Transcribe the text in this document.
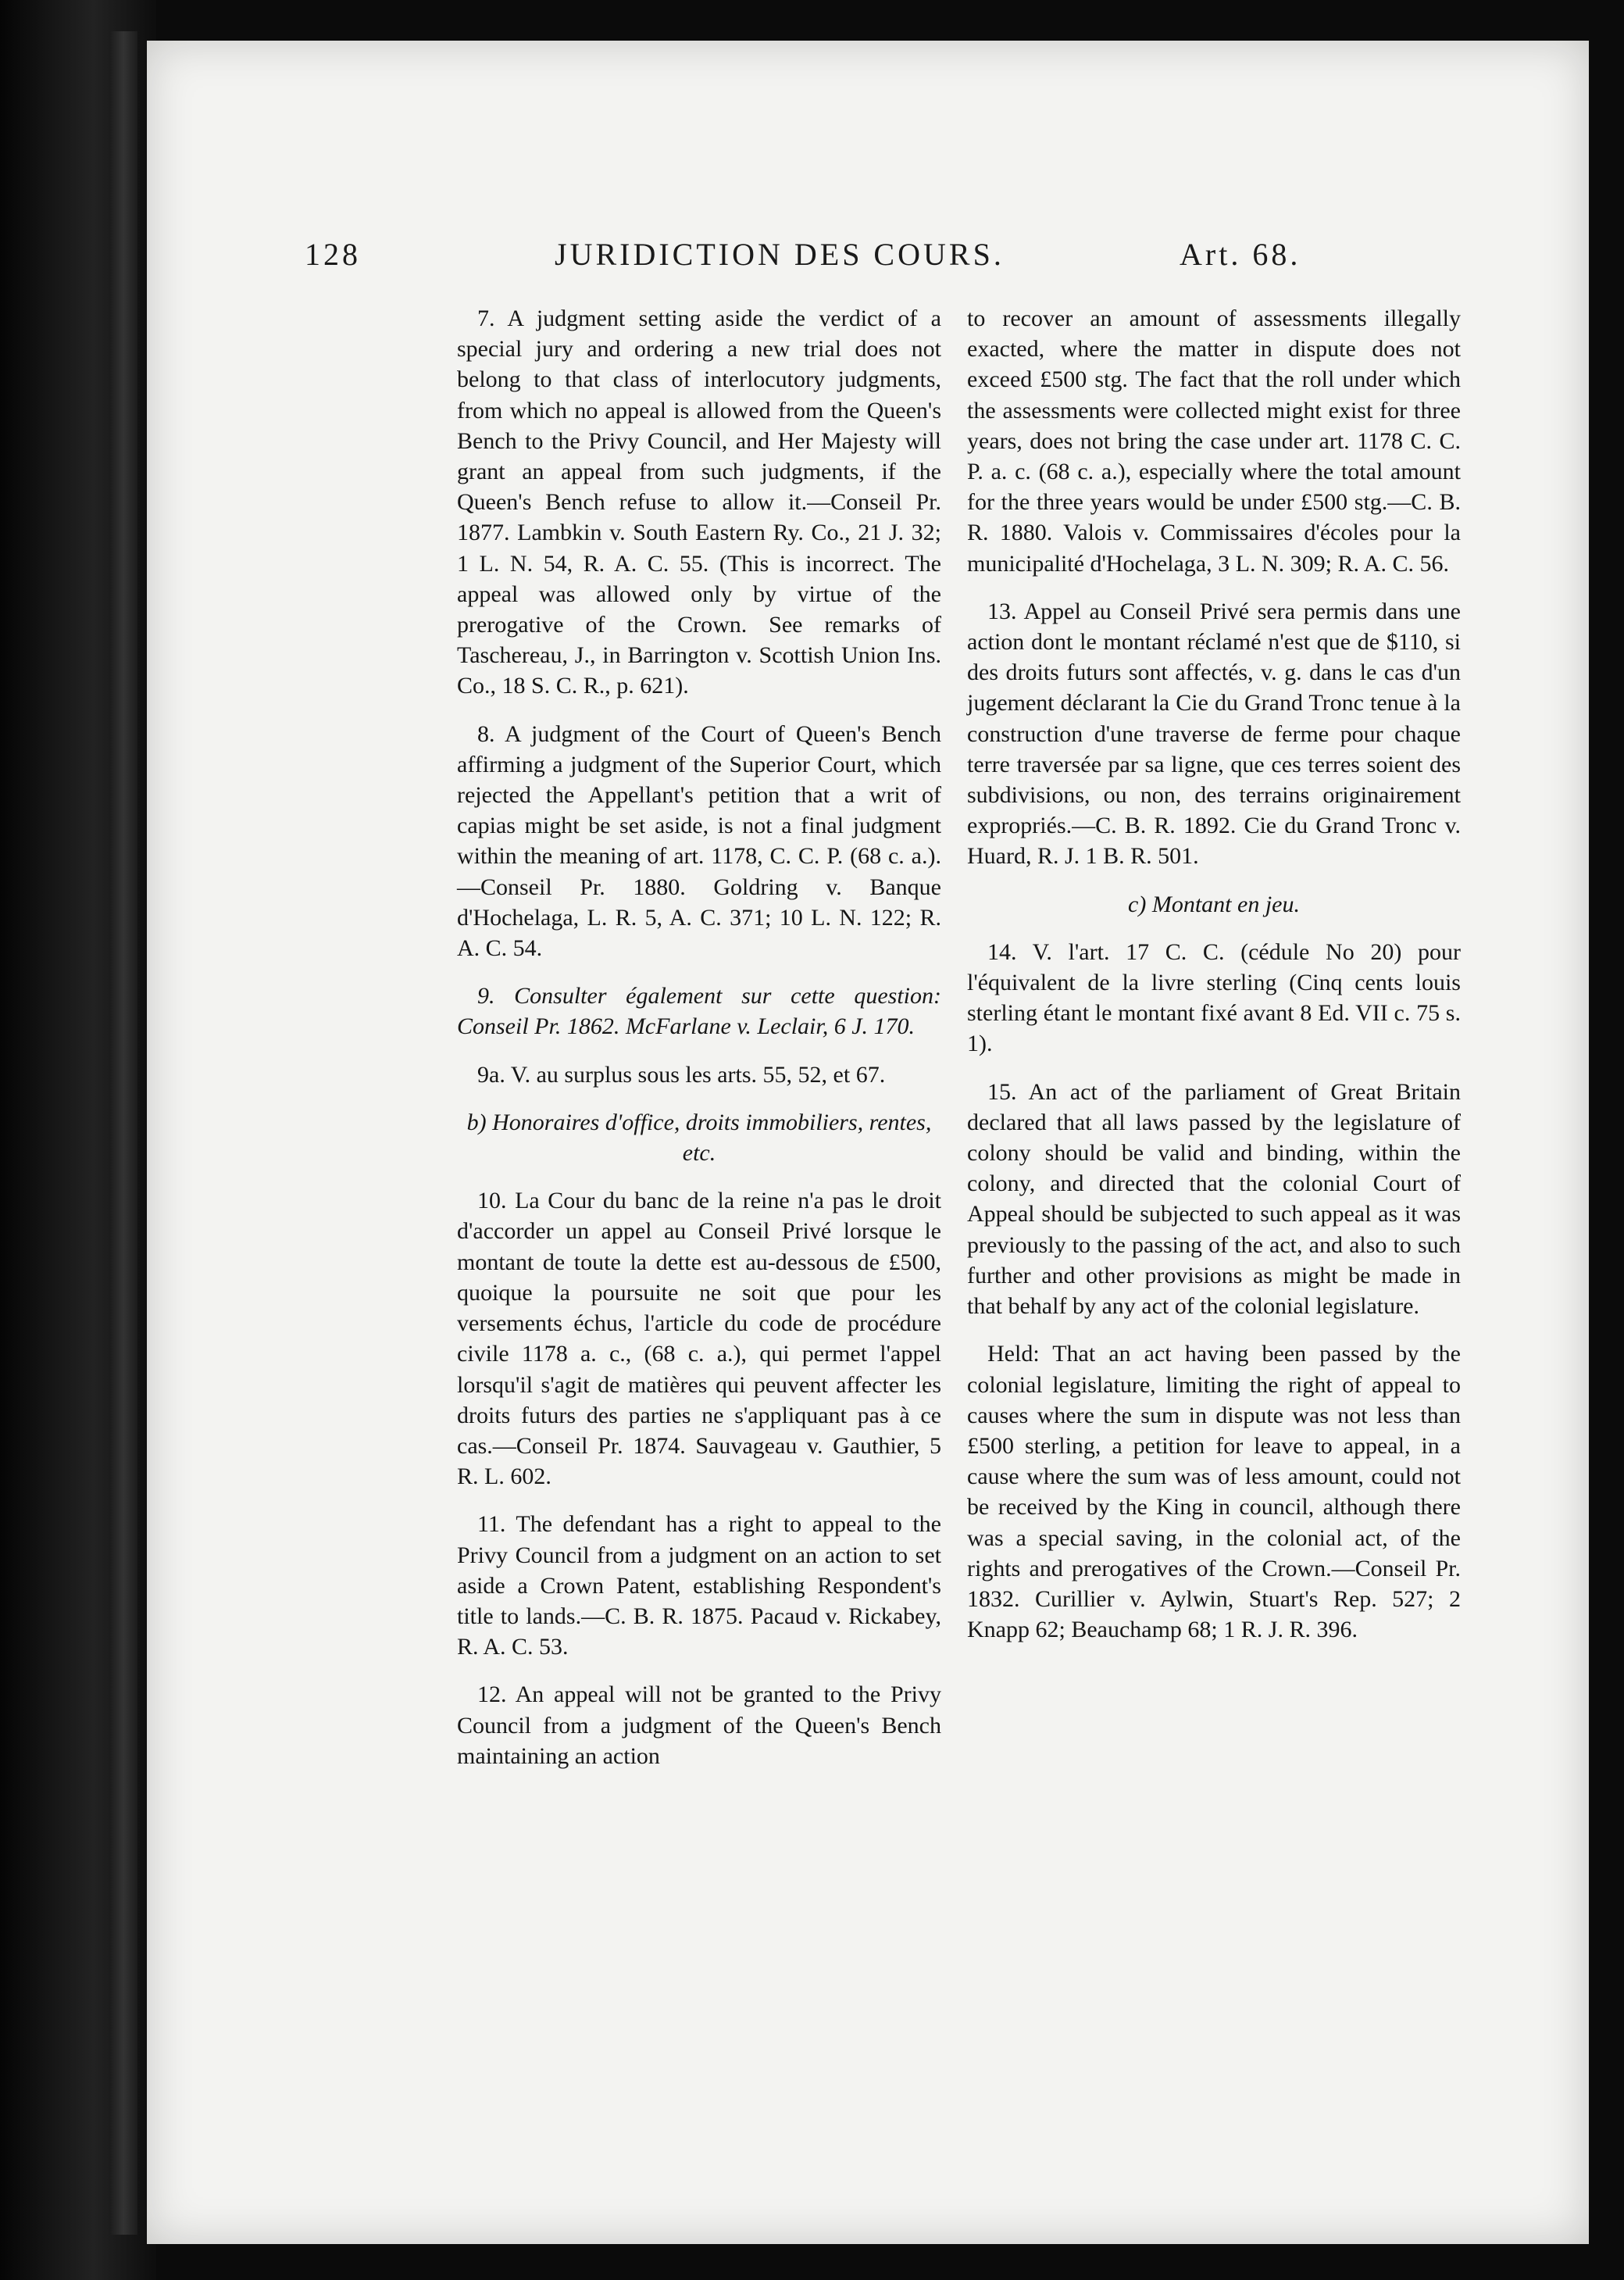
128	JURIDICTION DES COURS.	Art. 68.

7. A judgment setting aside the verdict of a special jury and ordering a new trial does not belong to that class of interlocutory judgments, from which no appeal is allowed from the Queen's Bench to the Privy Council, and Her Majesty will grant an appeal from such judgments, if the Queen's Bench refuse to allow it.—Conseil Pr. 1877. Lambkin v. South Eastern Ry. Co., 21 J. 32; 1 L. N. 54, R. A. C. 55. (This is incorrect. The appeal was allowed only by virtue of the prerogative of the Crown. See remarks of Taschereau, J., in Barrington v. Scottish Union Ins. Co., 18 S. C. R., p. 621).

8. A judgment of the Court of Queen's Bench affirming a judgment of the Superior Court, which rejected the Appellant's petition that a writ of capias might be set aside, is not a final judgment within the meaning of art. 1178, C. C. P. (68 c. a.).—Conseil Pr. 1880. Goldring v. Banque d'Hochelaga, L. R. 5, A. C. 371; 10 L. N. 122; R. A. C. 54.

9. Consulter également sur cette question: Conseil Pr. 1862. McFarlane v. Leclair, 6 J. 170.

9a. V. au surplus sous les arts. 55, 52, et 67.

b) Honoraires d'office, droits immobiliers, rentes, etc.

10. La Cour du banc de la reine n'a pas le droit d'accorder un appel au Conseil Privé lorsque le montant de toute la dette est au-dessous de £500, quoique la poursuite ne soit que pour les versements échus, l'article du code de procédure civile 1178 a. c., (68 c. a.), qui permet l'appel lorsqu'il s'agit de matières qui peuvent affecter les droits futurs des parties ne s'appliquant pas à ce cas.—Conseil Pr. 1874. Sauvageau v. Gauthier, 5 R. L. 602.

11. The defendant has a right to appeal to the Privy Council from a judgment on an action to set aside a Crown Patent, establishing Respondent's title to lands.—C. B. R. 1875. Pacaud v. Rickabey, R. A. C. 53.

12. An appeal will not be granted to the Privy Council from a judgment of the Queen's Bench maintaining an action

to recover an amount of assessments illegally exacted, where the matter in dispute does not exceed £500 stg. The fact that the roll under which the assessments were collected might exist for three years, does not bring the case under art. 1178 C. C. P. a. c. (68 c. a.), especially where the total amount for the three years would be under £500 stg.—C. B. R. 1880. Valois v. Commissaires d'écoles pour la municipalité d'Hochelaga, 3 L. N. 309; R. A. C. 56.

13. Appel au Conseil Privé sera permis dans une action dont le montant réclamé n'est que de $110, si des droits futurs sont affectés, v. g. dans le cas d'un jugement déclarant la Cie du Grand Tronc tenue à la construction d'une traverse de ferme pour chaque terre traversée par sa ligne, que ces terres soient des subdivisions, ou non, des terrains originairement expropriés.—C. B. R. 1892. Cie du Grand Tronc v. Huard, R. J. 1 B. R. 501.

c) Montant en jeu.

14. V. l'art. 17 C. C. (cédule No 20) pour l'équivalent de la livre sterling (Cinq cents louis sterling étant le montant fixé avant 8 Ed. VII c. 75 s. 1).

15. An act of the parliament of Great Britain declared that all laws passed by the legislature of colony should be valid and binding, within the colony, and directed that the colonial Court of Appeal should be subjected to such appeal as it was previously to the passing of the act, and also to such further and other provisions as might be made in that behalf by any act of the colonial legislature.

Held: That an act having been passed by the colonial legislature, limiting the right of appeal to causes where the sum in dispute was not less than £500 sterling, a petition for leave to appeal, in a cause where the sum was of less amount, could not be received by the King in council, although there was a special saving, in the colonial act, of the rights and prerogatives of the Crown.—Conseil Pr. 1832. Curillier v. Aylwin, Stuart's Rep. 527; 2 Knapp 62; Beauchamp 68; 1 R. J. R. 396.
